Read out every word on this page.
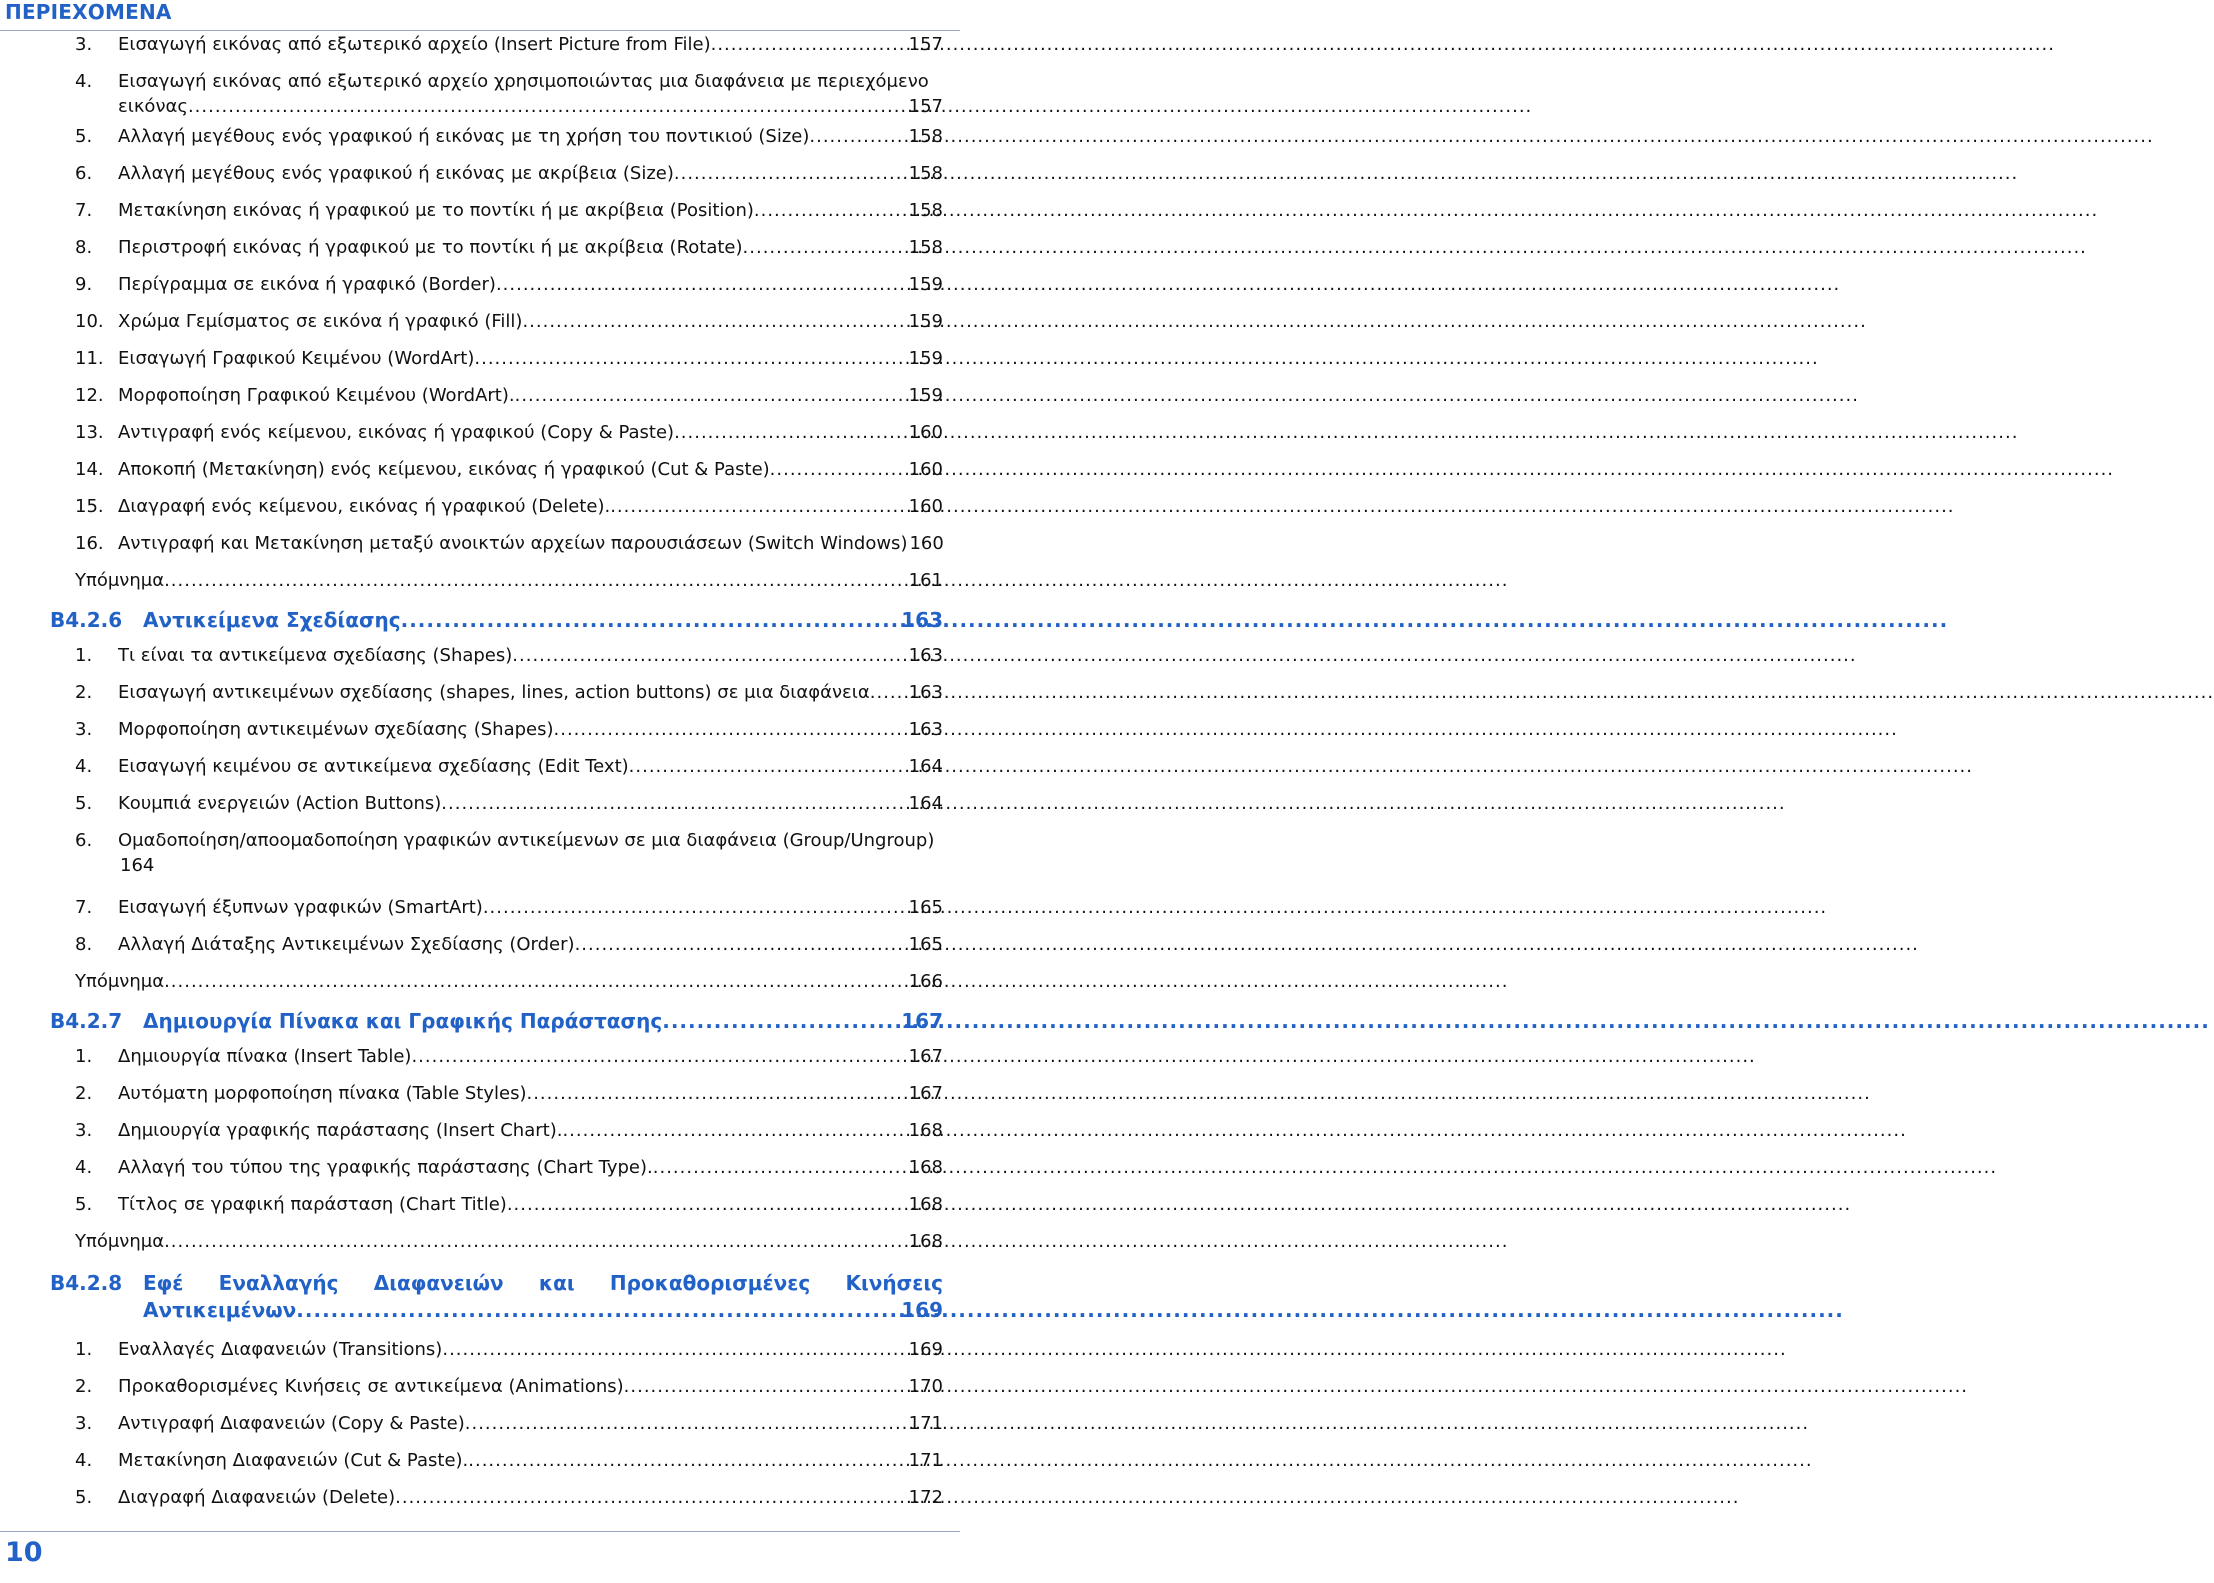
ΠΕΡΙΕΧΟΜΕΝΑ
3.	Εισαγωγή εικόνας από εξωτερικό αρχείο (Insert Picture from File) .....	157
4.	Εισαγωγή εικόνας από εξωτερικό αρχείο χρησιμοποιώντας μια διαφάνεια με περιεχόμενο
εικόνας .....	157
5.	Αλλαγή μεγέθους ενός γραφικού ή εικόνας με τη χρήση του ποντικιού (Size) .....	158
6.	Αλλαγή μεγέθους ενός γραφικού ή εικόνας με ακρίβεια (Size) .....	158
7.	Μετακίνηση εικόνας ή γραφικού με το ποντίκι ή με ακρίβεια (Position) .....	158
8.	Περιστροφή εικόνας ή γραφικού με το ποντίκι ή με ακρίβεια (Rotate) .....	158
9.	Περίγραμμα σε εικόνα ή γραφικό (Border) .....	159
10. Χρώμα Γεμίσματος σε εικόνα ή γραφικό (Fill) .....	159
11. Εισαγωγή Γραφικού Κειμένου (WordArt) .....	159
12. Μορφοποίηση Γραφικού Κειμένου (WordArt). .....	159
13. Αντιγραφή ενός κείμενου, εικόνας ή γραφικού (Copy & Paste) .....	160
14. Αποκοπή (Μετακίνηση) ενός κείμενου, εικόνας ή γραφικού (Cut & Paste) .....	160
15. Διαγραφή ενός κείμενου, εικόνας ή γραφικού (Delete). .....	160
16. Αντιγραφή και Μετακίνηση μεταξύ ανοικτών αρχείων παρουσιάσεων (Switch Windows) 160
Υπόμνημα .....	161
B4.2.6	Αντικείμενα Σχεδίασης .....	163
1.	Τι είναι τα αντικείμενα σχεδίασης (Shapes) .....	163
2.	Εισαγωγή αντικειμένων σχεδίασης (shapes, lines, action buttons) σε μια διαφάνεια ..... 163
3.	Μορφοποίηση αντικειμένων σχεδίασης (Shapes) .....	163
4.	Εισαγωγή κειμένου σε αντικείμενα σχεδίασης (Edit Text) .....	164
5.	Κουμπιά ενεργειών (Action Buttons) .....	164
6.	Ομαδοποίηση/αποομαδοποίηση γραφικών αντικείμενων σε μια διαφάνεια (Group/Ungroup)
164
7.	Εισαγωγή έξυπνων γραφικών (SmartArt) .....	165
8.	Αλλαγή Διάταξης Αντικειμένων Σχεδίασης (Order) .....	165
Υπόμνημα .....	166
B4.2.7	Δημιουργία Πίνακα και Γραφικής Παράστασης .....	167
1.	Δημιουργία πίνακα (Insert Table) .....	167
2.	Αυτόματη μορφοποίηση πίνακα (Table Styles) .....	167
3.	Δημιουργία γραφικής παράστασης (Insert Chart). .....	168
4.	Αλλαγή του τύπου της γραφικής παράστασης (Chart Type). .....	168
5.	Τίτλος σε γραφική παράσταση (Chart Title) .....	168
Υπόμνημα .....	168
B4.2.8	Εφέ Εναλλαγής Διαφανειών και Προκαθορισμένες Κινήσεις
Αντικειμένων .....	169
1.	Εναλλαγές Διαφανειών (Transitions) .....	169
2.	Προκαθορισμένες Κινήσεις σε αντικείμενα (Animations) .....	170
3.	Αντιγραφή Διαφανειών (Copy & Paste) .....	171
4.	Μετακίνηση Διαφανειών (Cut & Paste). .....	171
5.	Διαγραφή Διαφανειών (Delete) .....	172
10
